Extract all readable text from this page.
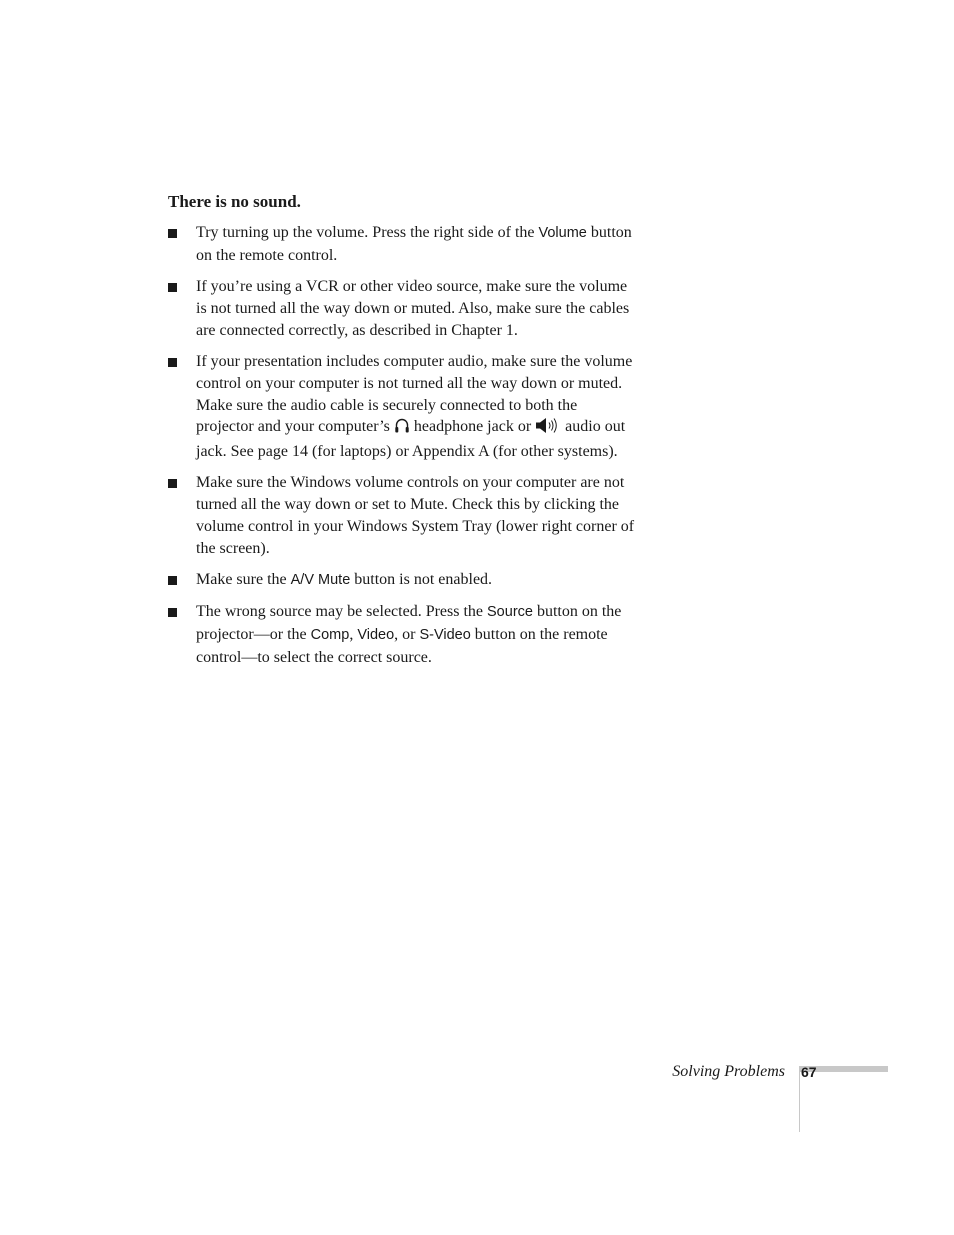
There is no sound.
Try turning up the volume. Press the right side of the Volume button on the remote control.
If you’re using a VCR or other video source, make sure the volume is not turned all the way down or muted. Also, make sure the cables are connected correctly, as described in Chapter 1.
If your presentation includes computer audio, make sure the volume control on your computer is not turned all the way down or muted. Make sure the audio cable is securely connected to both the projector and your computer’s  headphone jack or  audio out jack. See page 14 (for laptops) or Appendix A (for other systems).
Make sure the Windows volume controls on your computer are not turned all the way down or set to Mute. Check this by clicking the volume control in your Windows System Tray (lower right corner of the screen).
Make sure the A/V Mute button is not enabled.
The wrong source may be selected. Press the Source button on the projector—or the Comp, Video, or S-Video button on the remote control—to select the correct source.
Solving Problems 67
